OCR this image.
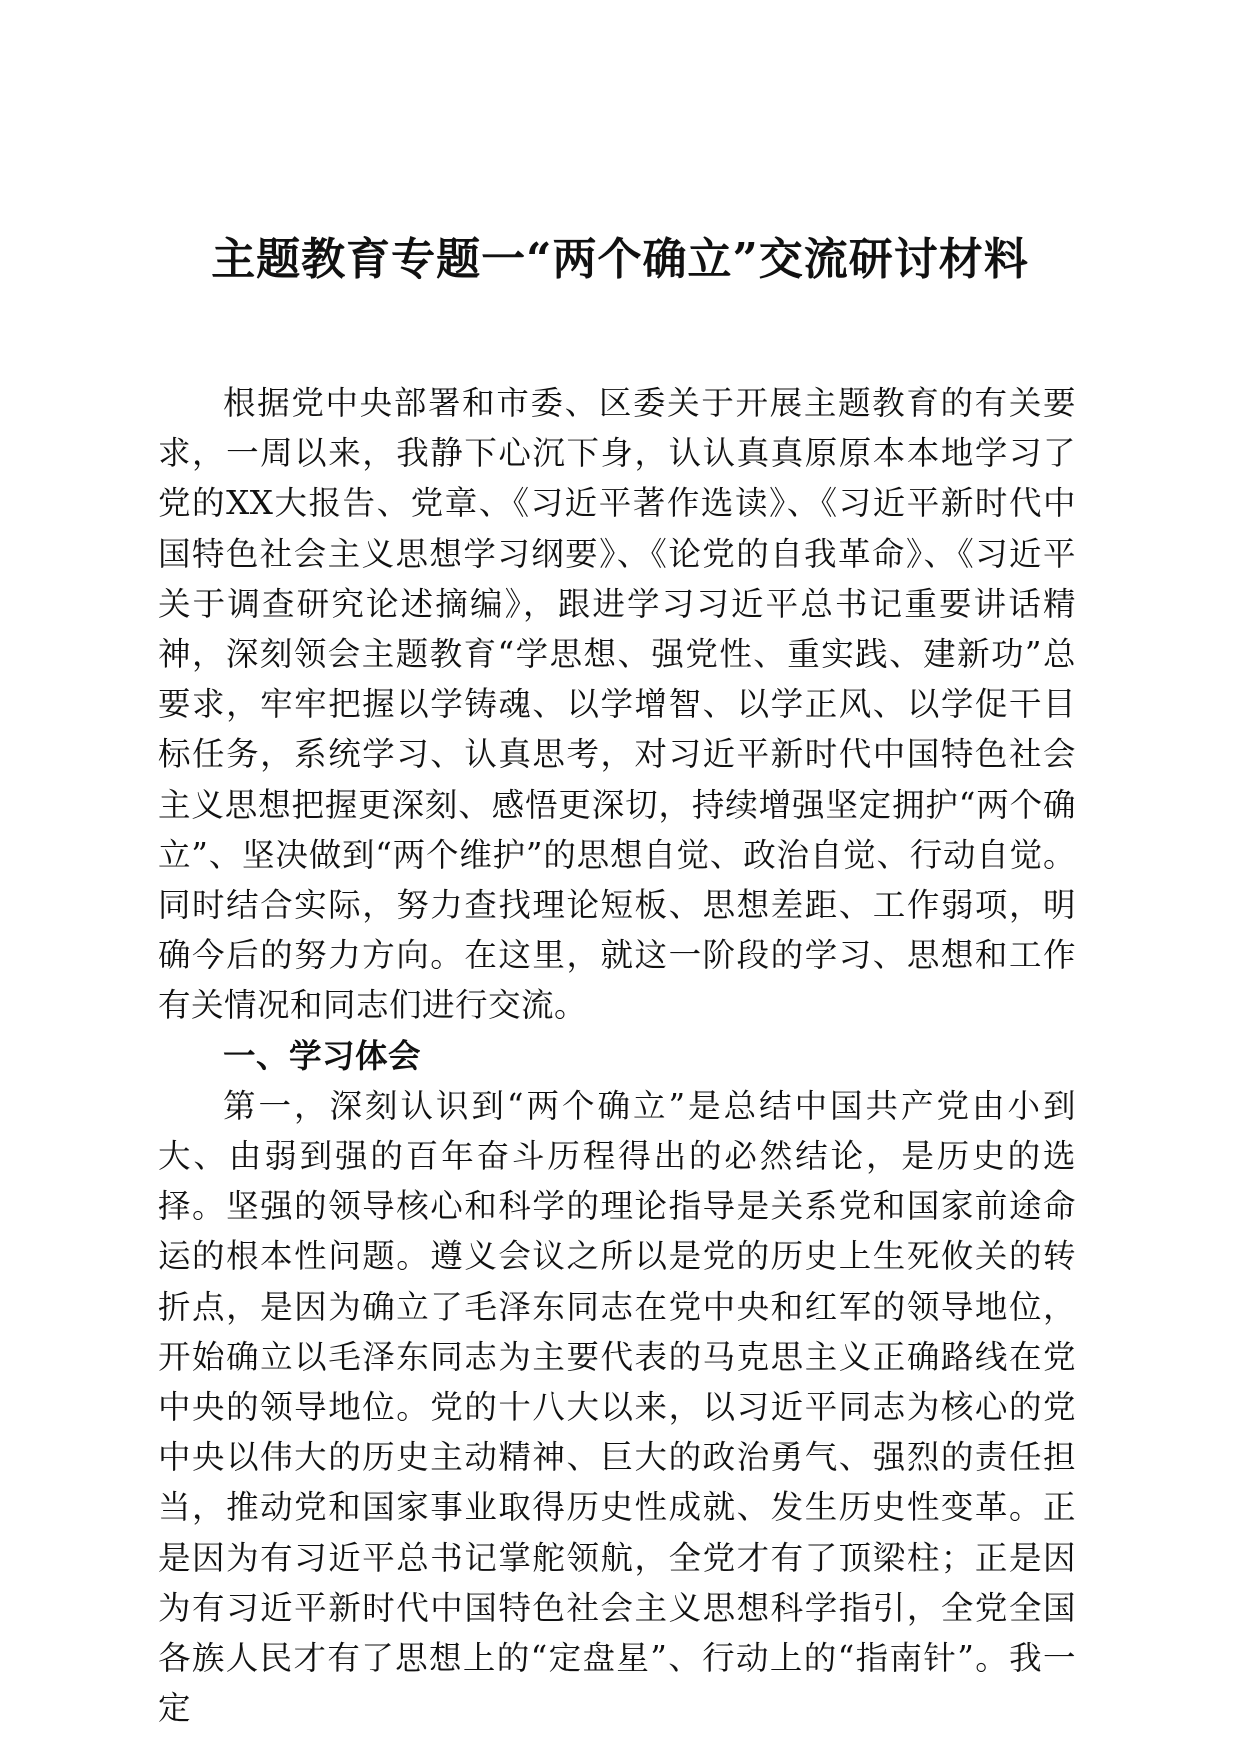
主题教育专题一“两个确立”交流研讨材料

根据党中央部署和市委、区委关于开展主题教育的有关要求，一周以来，我静下心沉下身，认认真真原原本本地学习了党的XX大报告、党章、《习近平著作选读》、《习近平新时代中国特色社会主义思想学习纲要》、《论党的自我革命》、《习近平关于调查研究论述摘编》，跟进学习习近平总书记重要讲话精神，深刻领会主题教育“学思想、强党性、重实践、建新功”总要求，牢牢把握以学铸魂、以学增智、以学正风、以学促干目标任务，系统学习、认真思考，对习近平新时代中国特色社会主义思想把握更深刻、感悟更深切，持续增强坚定拥护“两个确立”、坚决做到“两个维护”的思想自觉、政治自觉、行动自觉。同时结合实际，努力查找理论短板、思想差距、工作弱项，明确今后的努力方向。在这里，就这一阶段的学习、思想和工作有关情况和同志们进行交流。

一、学习体会

第一，深刻认识到“两个确立”是总结中国共产党由小到大、由弱到强的百年奋斗历程得出的必然结论，是历史的选择。坚强的领导核心和科学的理论指导是关系党和国家前途命运的根本性问题。遵义会议之所以是党的历史上生死攸关的转折点，是因为确立了毛泽东同志在党中央和红军的领导地位，开始确立以毛泽东同志为主要代表的马克思主义正确路线在党中央的领导地位。党的十八大以来，以习近平同志为核心的党中央以伟大的历史主动精神、巨大的政治勇气、强烈的责任担当，推动党和国家事业取得历史性成就、发生历史性变革。正是因为有习近平总书记掌舵领航，全党才有了顶梁柱；正是因为有习近平新时代中国特色社会主义思想科学指引，全党全国各族人民才有了思想上的“定盘星”、行动上的“指南针”。我一定
